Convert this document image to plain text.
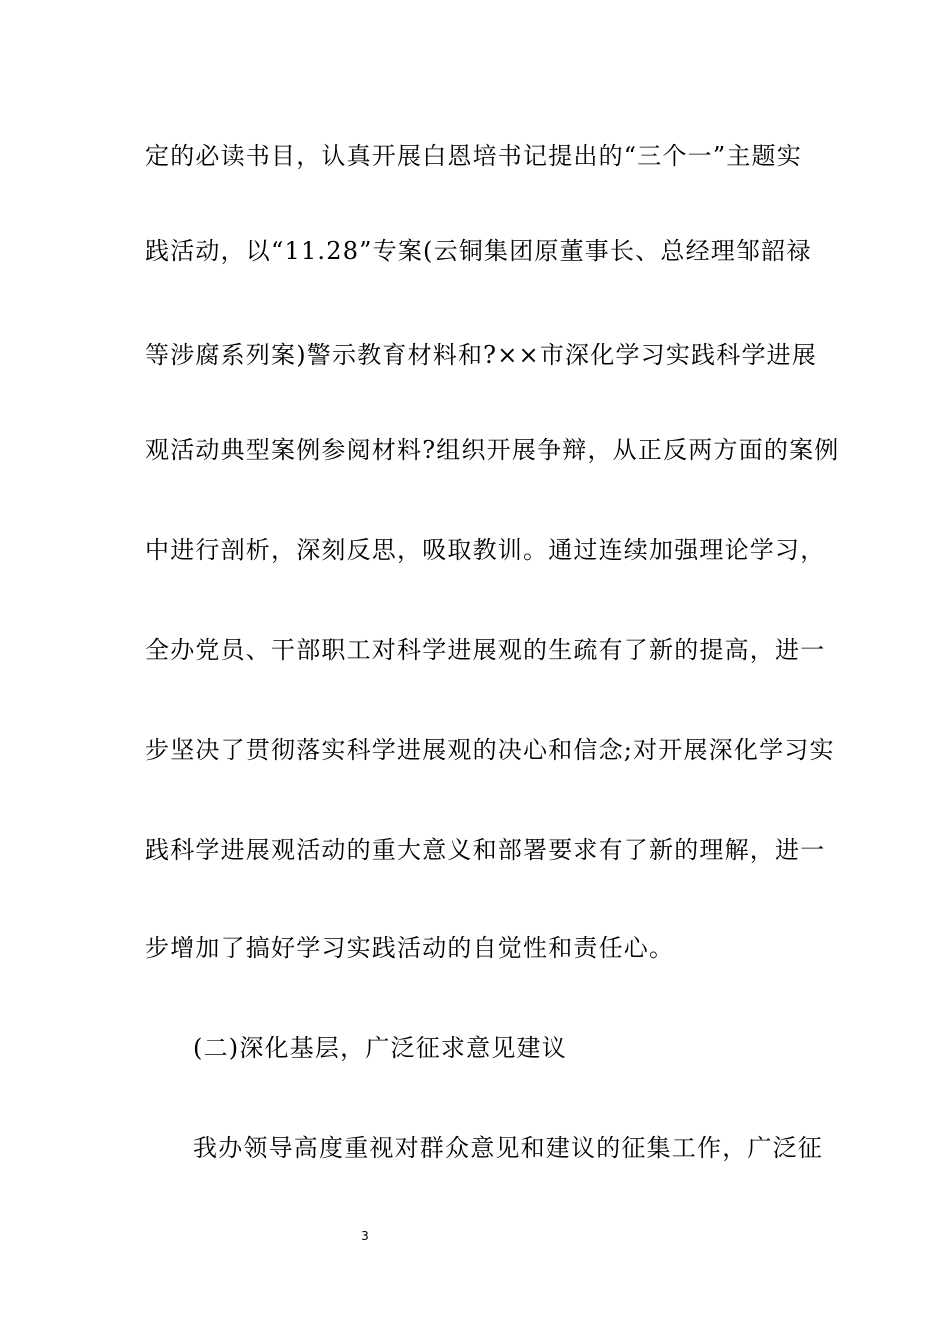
定的必读书目，认真开展白恩培书记提出的“三个一”主题实
践活动，以“11.28”专案(云铜集团原董事长、总经理邹韶禄
等涉腐系列案)警示教育材料和?××市深化学习实践科学进展
观活动典型案例参阅材料?组织开展争辩，从正反两方面的案例
中进行剖析，深刻反思，吸取教训。通过连续加强理论学习，
全办党员、干部职工对科学进展观的生疏有了新的提高，进一
步坚决了贯彻落实科学进展观的决心和信念;对开展深化学习实
践科学进展观活动的重大意义和部署要求有了新的理解，进一
步增加了搞好学习实践活动的自觉性和责任心。
(二)深化基层，广泛征求意见建议
我办领导高度重视对群众意见和建议的征集工作，广泛征
3
